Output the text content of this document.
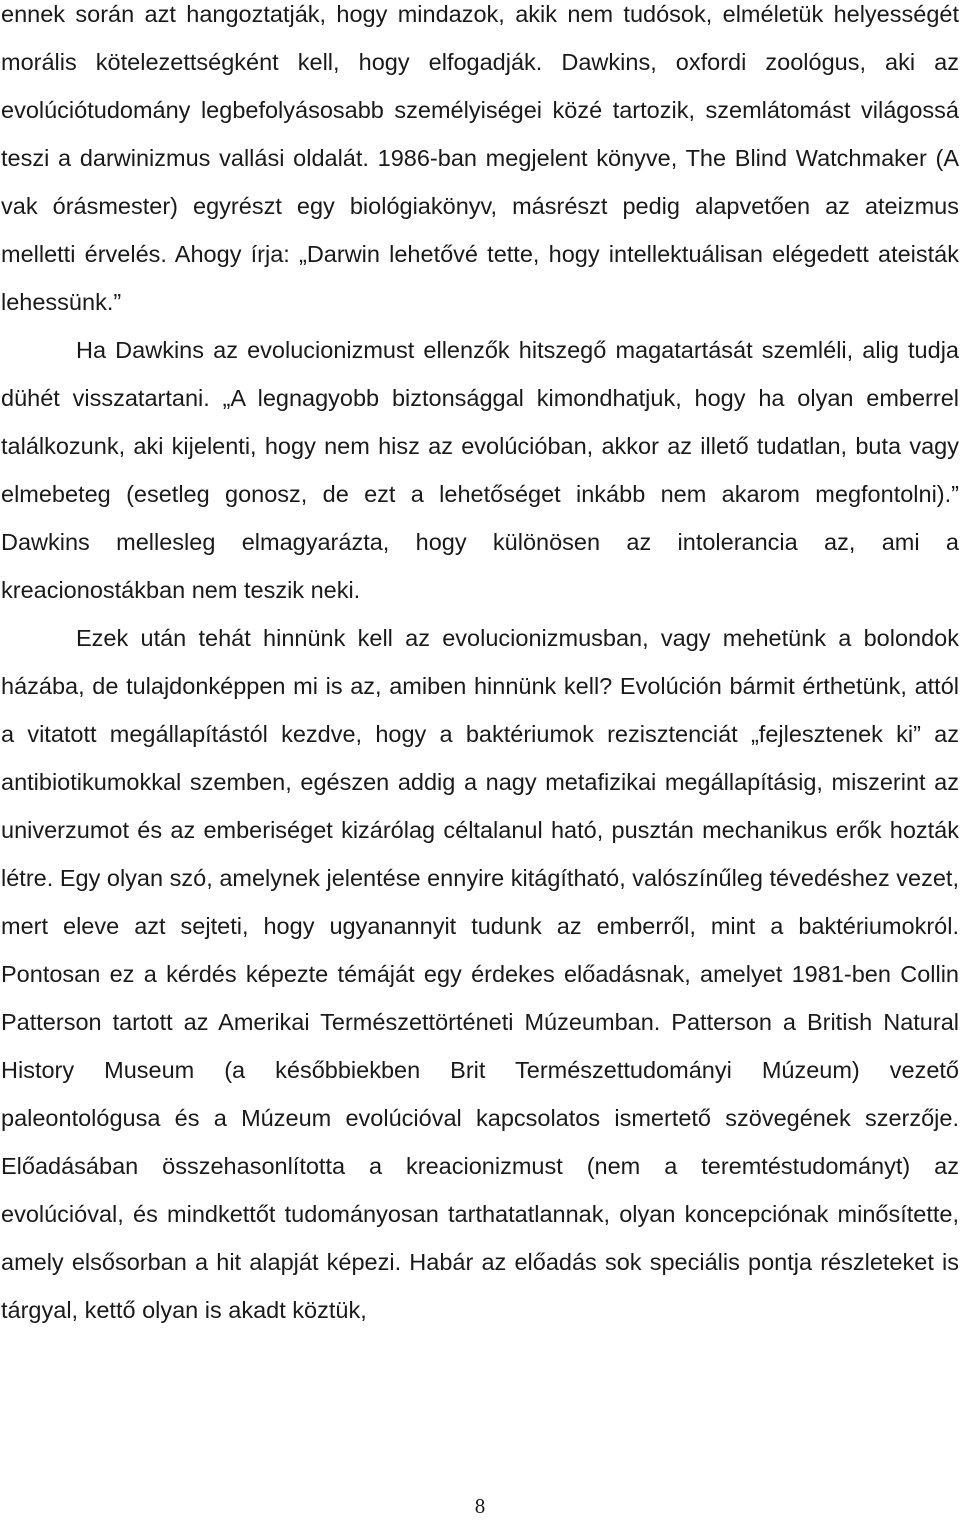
ennek során azt hangoztatják, hogy mindazok, akik nem tudósok, elméletük helyességét morális kötelezettségként kell, hogy elfogadják. Dawkins, oxfordi zoológus, aki az evolúciótudomány legbefolyásosabb személyiségei közé tartozik, szemlátomást világossá teszi a darwinizmus vallási oldalát. 1986-ban megjelent könyve, The Blind Watchmaker (A vak órásmester) egyrészt egy biológiakönyv, másrészt pedig alapvetően az ateizmus melletti érvelés. Ahogy írja: „Darwin lehetővé tette, hogy intellektuálisan elégedett ateisták lehessünk.”

Ha Dawkins az evolucionizmust ellenzők hitszegő magatartását szemléli, alig tudja dühét visszatartani. „A legnagyobb biztonsággal kimondhatjuk, hogy ha olyan emberrel találkozunk, aki kijelenti, hogy nem hisz az evolúcióban, akkor az illető tudatlan, buta vagy elmebeteg (esetleg gonosz, de ezt a lehetőséget inkább nem akarom megfontolni).” Dawkins mellesleg elmagyarázta, hogy különösen az intolerancia az, ami a kreacionostákban nem teszik neki.

Ezek után tehát hinnünk kell az evolucionizmusban, vagy mehetünk a bolondok házába, de tulajdonképpen mi is az, amiben hinnünk kell? Evolúción bármit érthetünk, attól a vitatott megállapítástól kezdve, hogy a baktériumok rezisztenciát „fejlesztenek ki” az antibiotikumokkal szemben, egészen addig a nagy metafizikai megállapításig, miszerint az univerzumot és az emberiséget kizárólag céltalanul ható, pusztán mechanikus erők hozták létre. Egy olyan szó, amelynek jelentése ennyire kitágítható, valószínűleg tévedéshez vezet, mert eleve azt sejteti, hogy ugyanannyit tudunk az emberről, mint a baktériumokról. Pontosan ez a kérdés képezte témáját egy érdekes előadásnak, amelyet 1981-ben Collin Patterson tartott az Amerikai Természettörténeti Múzeumban. Patterson a British Natural History Museum (a későbbiekben Brit Természettudományi Múzeum) vezető paleontológusa és a Múzeum evolúcióval kapcsolatos ismertető szövegének szerzője. Előadásában összehasonlította a kreacionizmust (nem a teremtéstudományt) az evolúcióval, és mindkettőt tudományosan tarthatatlannak, olyan koncepciónak minősítette, amely elsősorban a hit alapját képezi. Habár az előadás sok speciális pontja részleteket is tárgyal, kettő olyan is akadt köztük,

8
